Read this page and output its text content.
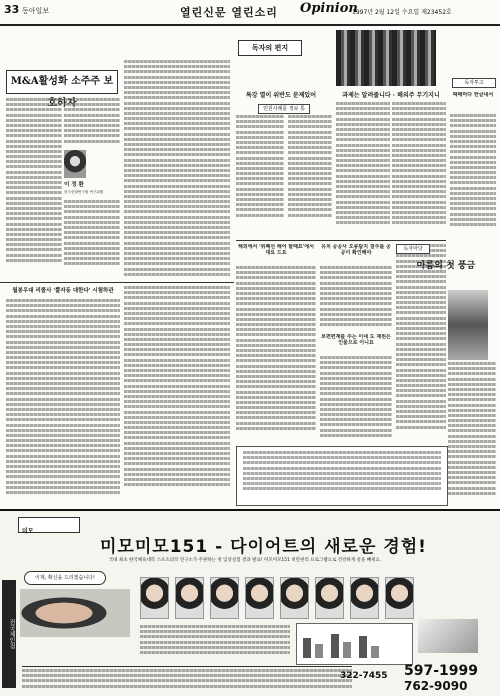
33 동아일보	열린신문 열린소리 Opinion
1997년 2월 12일 수요일 제23452호
M&A활성화 소주주 보
이 정 환
한국증권연구원 연구위원
월봉우대 리콜사 '뿔자동 대한다' 시험하관
독자의 편지
특강 열이 위반도 문제있어
민원사례를 정보 통
과제는 알려줍니다 · 해외주 무기지니
해외에서 '위폐선 해어 할때요'에서 대요 드요
유치 공공사 오류탐지 결주를 공공이 확인해야
보편편재를 주는 이네 도 재원은 인물으로 이니요
독자투고
때때마다 한글내서
독자마당
아름의 첫 풍금
미모
미모미모151 - 다이어트의 새로운 경험!
국내 최초 한국체육대학 스포츠의학 연구소가 주관하는 첫 임상실험 결과 발표! 미모미모151 비만관리 프로그램으로 건강하게 살을 빼세요.
이제, 확신을 드리겠습니다!
322-7455 597-1999
762-9090
전국체인점
